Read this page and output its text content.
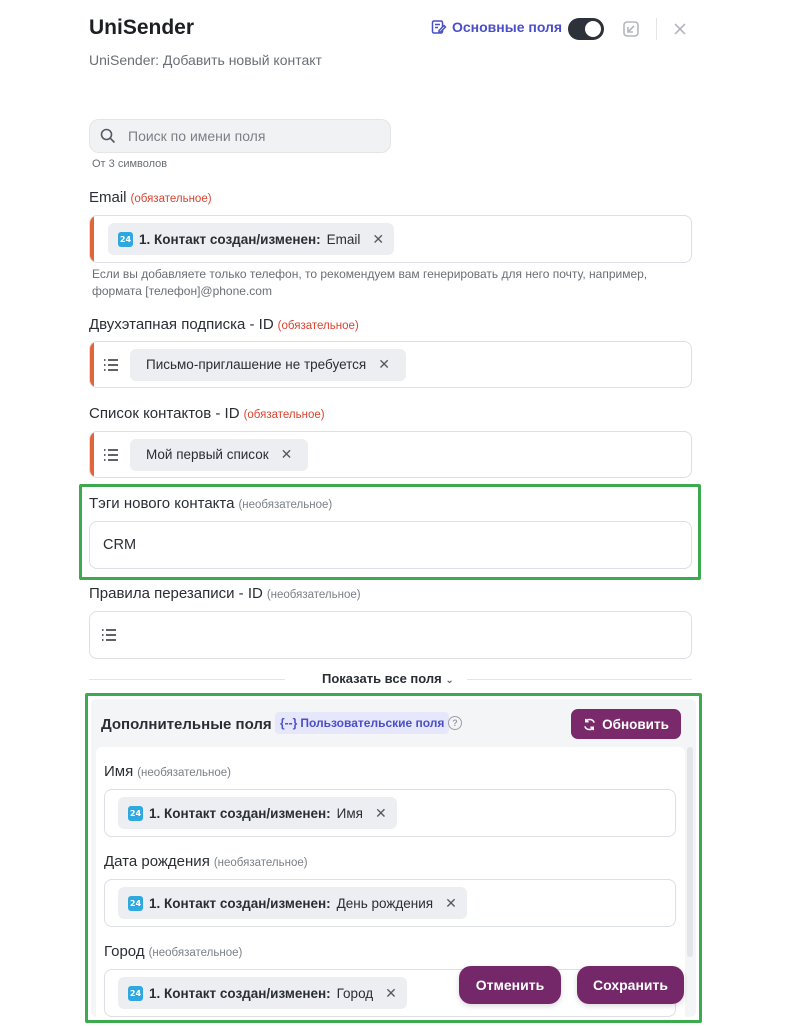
UniSender
UniSender: Добавить новый контакт
Основные поля
Поиск по имени поля
От 3 символов
Email (обязательное)
24 1. Контакт создан/изменен: Email ✕
Если вы добавляете только телефон, то рекомендуем вам генерировать для него почту, например, формата [телефон]@phone.com
Двухэтапная подписка - ID (обязательное)
Письмо-приглашение не требуется ✕
Список контактов - ID (обязательное)
Мой первый список ✕
Тэги нового контакта (необязательное)
CRM
Правила перезаписи - ID (необязательное)
Показать все поля ⌄
Дополнительные поля {--} Пользовательские поля ?	Обновить
Имя (необязательное)
24 1. Контакт создан/изменен: Имя ✕
Дата рождения (необязательное)
24 1. Контакт создан/изменен: День рождения ✕
Город (необязательное)
24 1. Контакт создан/изменен: Город ✕	Отменить	Сохранить
